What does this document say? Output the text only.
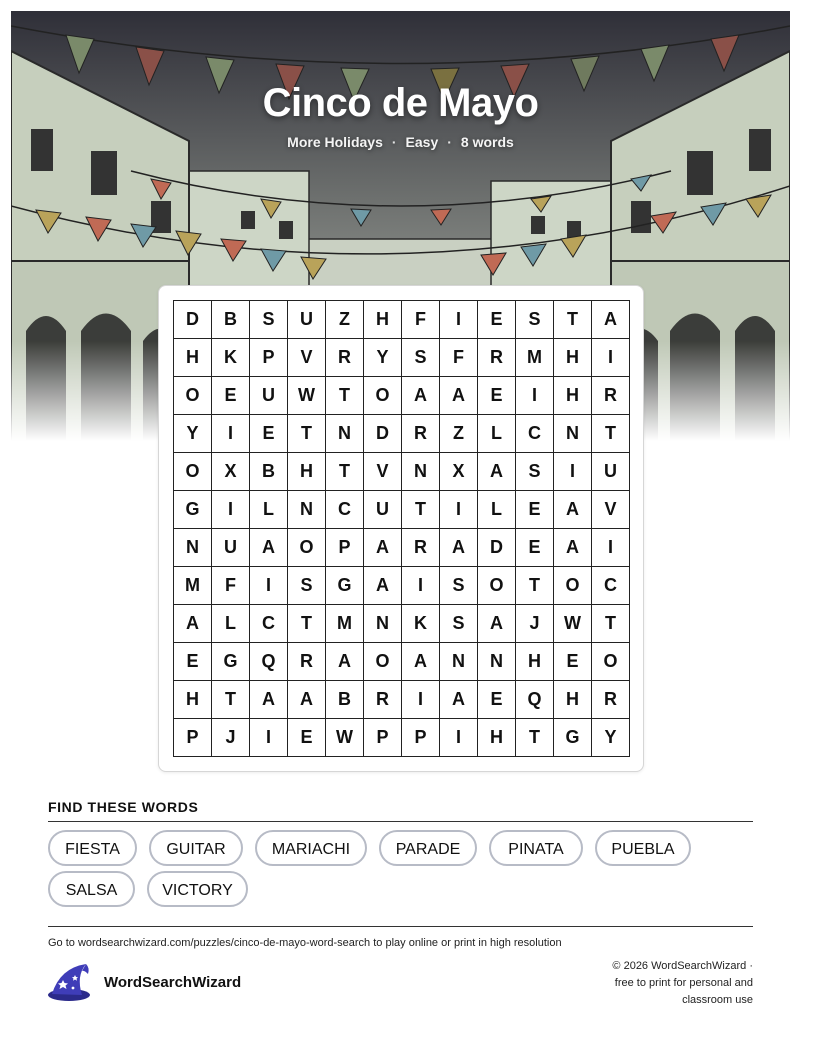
Cinco de Mayo
More Holidays · Easy · 8 words
D	B	S	U	Z	H	F	I	E	S	T	A
H	K	P	V	R	Y	S	F	R	M	H	I
O	E	U	W	T	O	A	A	E	I	H	R
Y	I	E	T	N	D	R	Z	L	C	N	T
O	X	B	H	T	V	N	X	A	S	I	U
G	I	L	N	C	U	T	I	L	E	A	V
N	U	A	O	P	A	R	A	D	E	A	I
M	F	I	S	G	A	I	S	O	T	O	C
A	L	C	T	M	N	K	S	A	J	W	T
E	G	Q	R	A	O	A	N	N	H	E	O
H	T	A	A	B	R	I	A	E	Q	H	R
P	J	I	E	W	P	P	I	H	T	G	Y
FIND THESE WORDS
FIESTA	GUITAR	MARIACHI	PARADE	PINATA	PUEBLA
SALSA	VICTORY
Go to wordsearchwizard.com/puzzles/cinco-de-mayo-word-search to play online or print in high resolution
WordSearchWizard
© 2026 WordSearchWizard ·
free to print for personal and
classroom use
